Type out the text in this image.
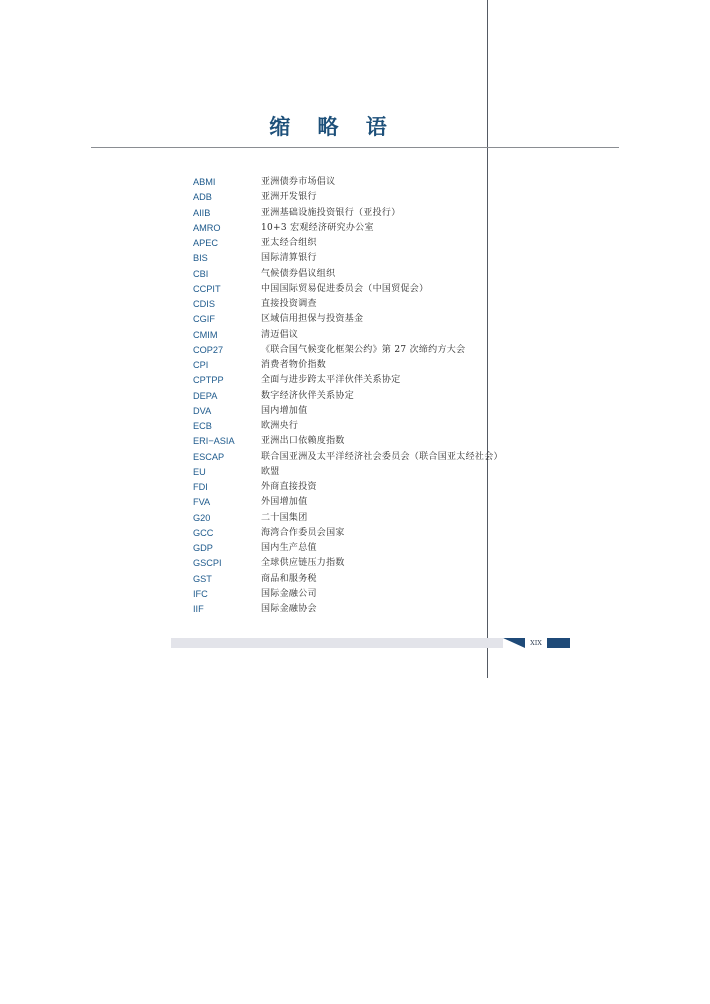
缩 略 语
ABMI	亚洲债券市场倡议
ADB	亚洲开发银行
AIIB	亚洲基础设施投资银行（亚投行）
AMRO	10+3 宏观经济研究办公室
APEC	亚太经合组织
BIS	国际清算银行
CBI	气候债券倡议组织
CCPIT	中国国际贸易促进委员会（中国贸促会）
CDIS	直接投资调查
CGIF	区域信用担保与投资基金
CMIM	清迈倡议
COP27	《联合国气候变化框架公约》第 27 次缔约方大会
CPI	消费者物价指数
CPTPP	全面与进步跨太平洋伙伴关系协定
DEPA	数字经济伙伴关系协定
DVA	国内增加值
ECB	欧洲央行
ERI−ASIA	亚洲出口依赖度指数
ESCAP	联合国亚洲及太平洋经济社会委员会（联合国亚太经社会）
EU	欧盟
FDI	外商直接投资
FVA	外国增加值
G20	二十国集团
GCC	海湾合作委员会国家
GDP	国内生产总值
GSCPI	全球供应链压力指数
GST	商品和服务税
IFC	国际金融公司
IIF	国际金融协会
XIX
